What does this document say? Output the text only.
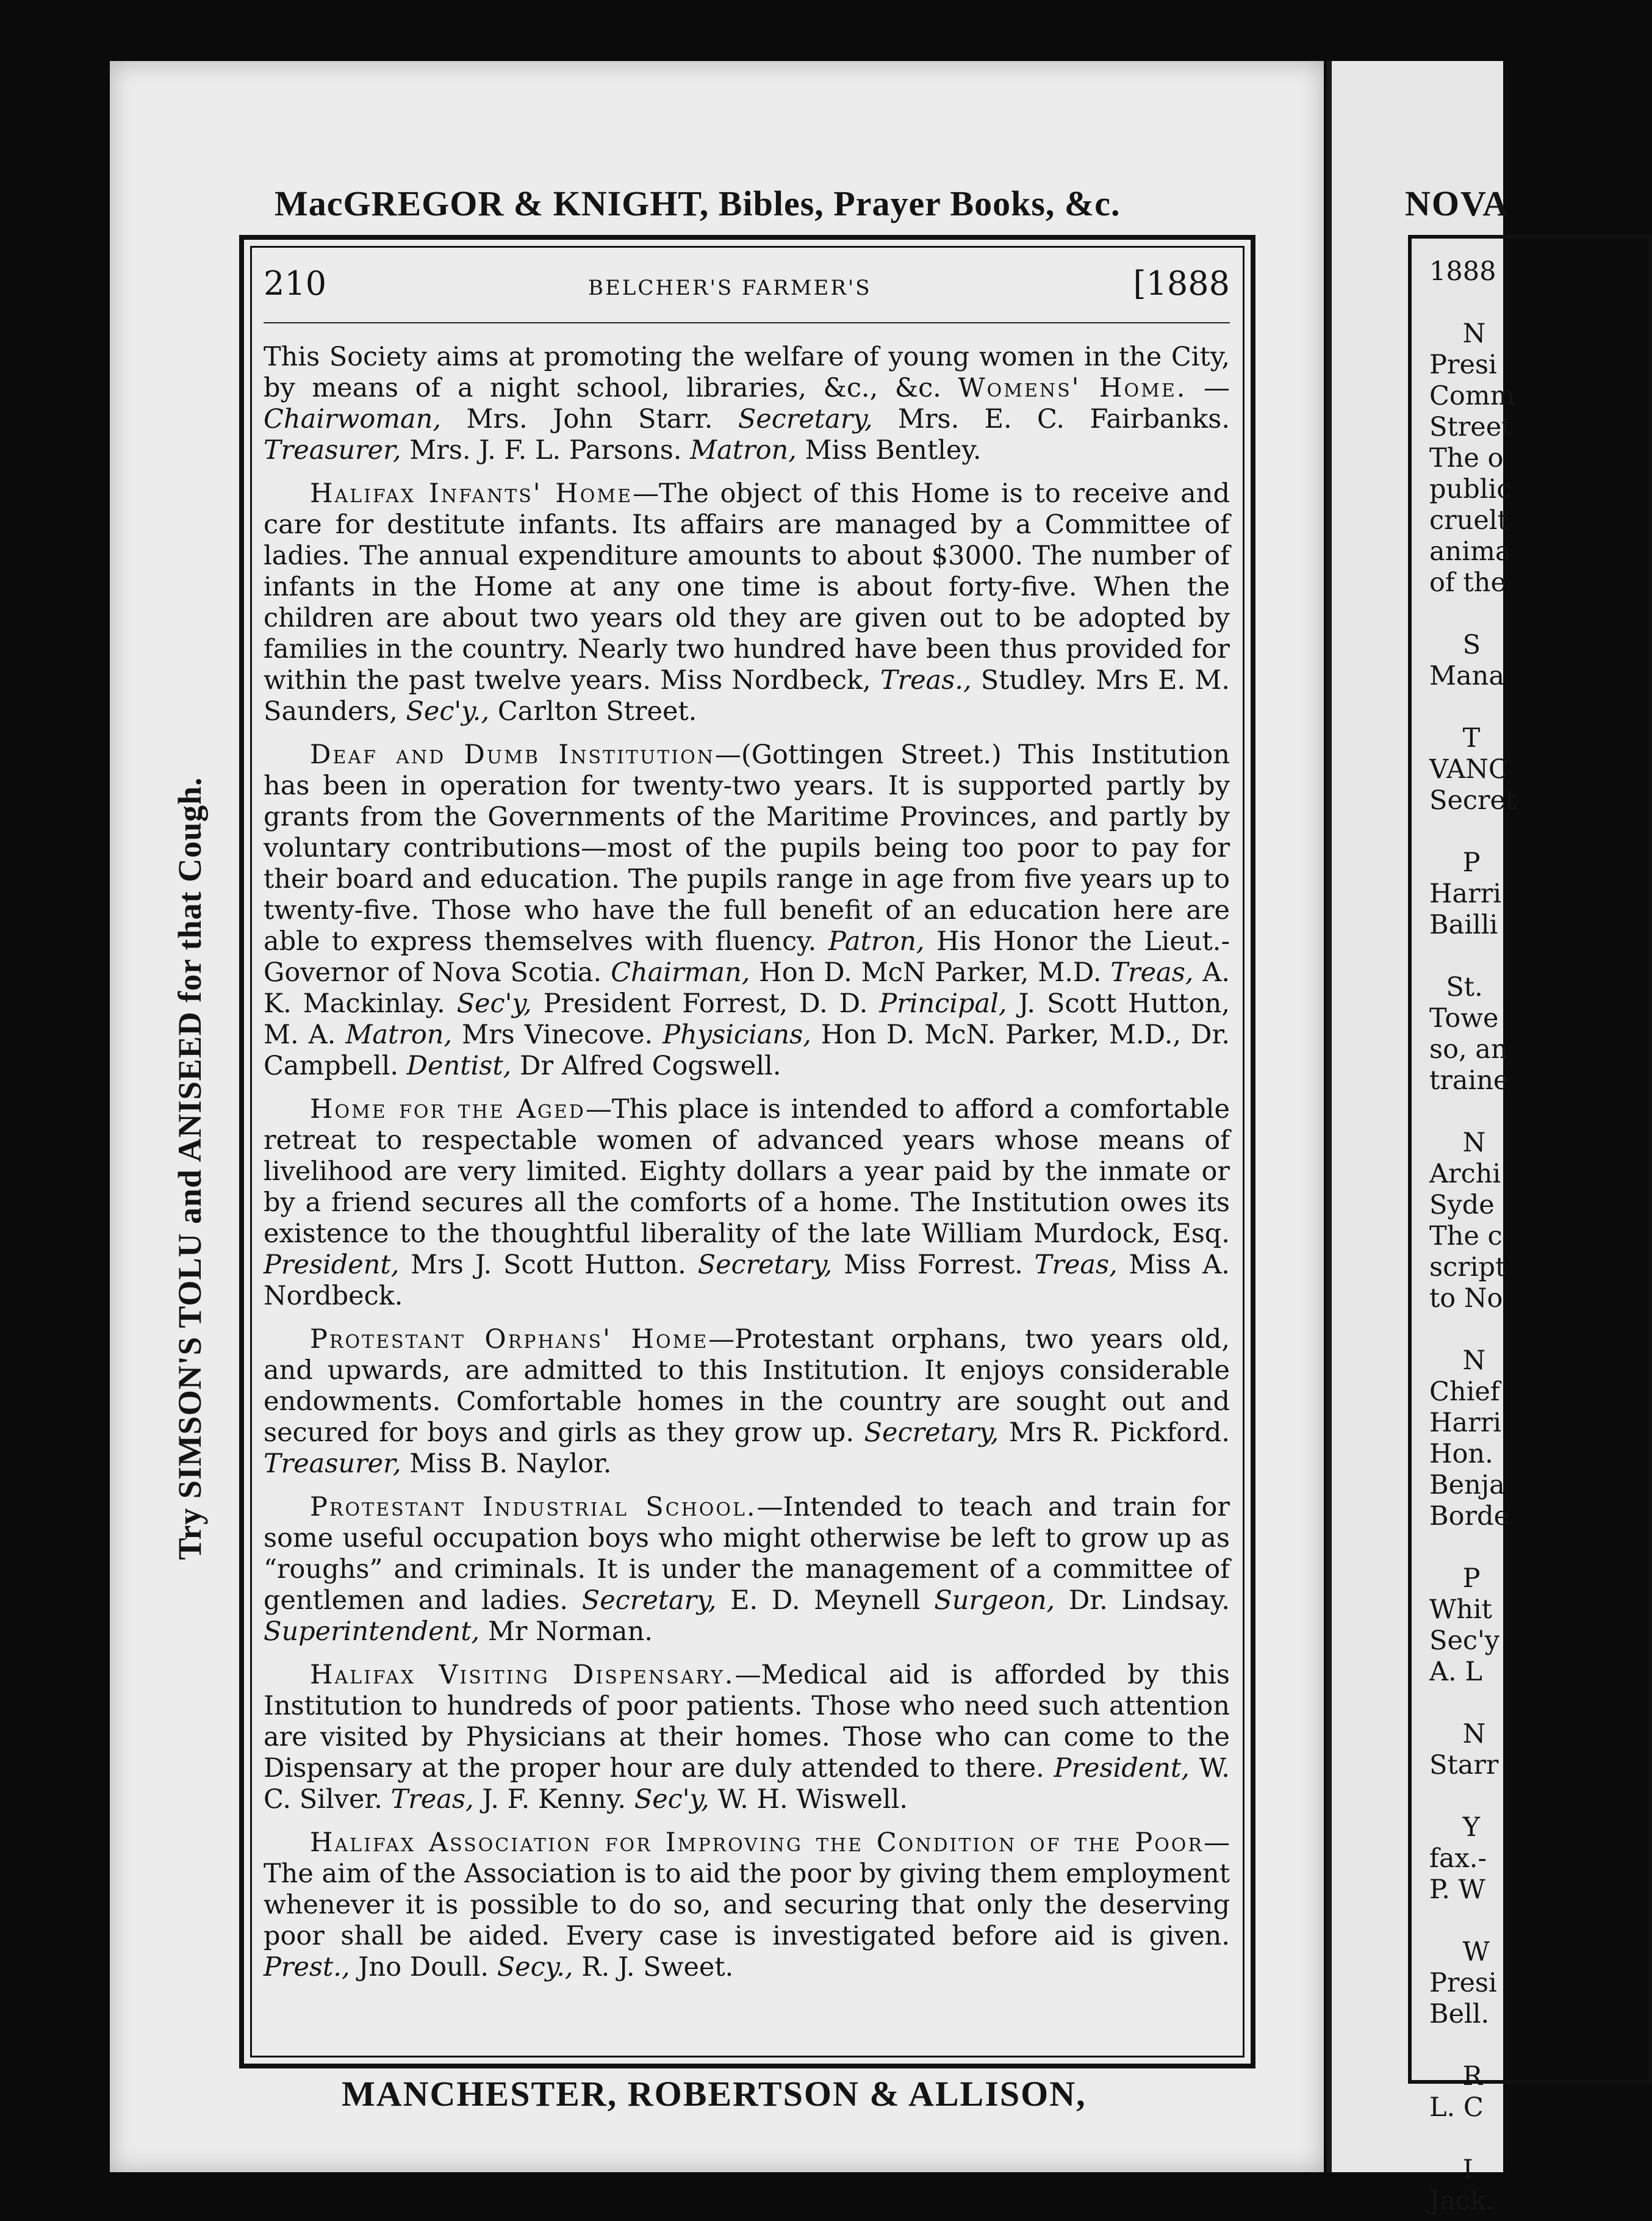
NOVA
1888

N
Presi
Comm
Street
The o
public
cruelt
anima
of the

S
Mana

T
VANC
Secret

P
Harri
Bailli

St.
Towe
so, an
traine

N
Archi
Syde
The c
script
to No

N
Chief
Harri
Hon.
Benja
Borde

P
Whit
Sec'y
A. L

N
Starr

Y
fax.-
P. W

W
Presi
Bell.

R
L. C

I
Jack.
MacGREGOR & KNIGHT, Bibles, Prayer Books, &c.
Try SIMSON'S TOLU and ANISEED for that Cough.
210	BELCHER'S FARMER'S	[1888

This Society aims at promoting the welfare of young women in the City, by means of a night school, libraries, &c., &c. Womens' Home. —Chairwoman, Mrs. John Starr. Secretary, Mrs. E. C. Fairbanks. Treasurer, Mrs. J. F. L. Parsons. Matron, Miss Bentley.

Halifax Infants' Home—The object of this Home is to receive and care for destitute infants. Its affairs are managed by a Committee of ladies. The annual expenditure amounts to about $3000. The number of infants in the Home at any one time is about forty-five. When the children are about two years old they are given out to be adopted by families in the country. Nearly two hundred have been thus provided for within the past twelve years. Miss Nordbeck, Treas., Studley. Mrs E. M. Saunders, Sec'y., Carlton Street.

Deaf and Dumb Institution—(Gottingen Street.) This Institution has been in operation for twenty-two years. It is supported partly by grants from the Governments of the Maritime Provinces, and partly by voluntary contributions—most of the pupils being too poor to pay for their board and education. The pupils range in age from five years up to twenty-five. Those who have the full benefit of an education here are able to express themselves with fluency. Patron, His Honor the Lieut.-Governor of Nova Scotia. Chairman, Hon D. McN Parker, M.D. Treas, A. K. Mackinlay. Sec'y, President Forrest, D. D. Principal, J. Scott Hutton, M. A. Matron, Mrs Vinecove. Physicians, Hon D. McN. Parker, M.D., Dr. Campbell. Dentist, Dr Alfred Cogswell.

Home for the Aged—This place is intended to afford a comfortable retreat to respectable women of advanced years whose means of livelihood are very limited. Eighty dollars a year paid by the inmate or by a friend secures all the comforts of a home. The Institution owes its existence to the thoughtful liberality of the late William Murdock, Esq. President, Mrs J. Scott Hutton. Secretary, Miss Forrest. Treas, Miss A. Nordbeck.

Protestant Orphans' Home—Protestant orphans, two years old, and upwards, are admitted to this Institution. It enjoys considerable endowments. Comfortable homes in the country are sought out and secured for boys and girls as they grow up. Secretary, Mrs R. Pickford. Treasurer, Miss B. Naylor.

Protestant Industrial School.—Intended to teach and train for some useful occupation boys who might otherwise be left to grow up as “roughs” and criminals. It is under the management of a committee of gentlemen and ladies. Secretary, E. D. Meynell Surgeon, Dr. Lindsay. Superintendent, Mr Norman.

Halifax Visiting Dispensary.—Medical aid is afforded by this Institution to hundreds of poor patients. Those who need such attention are visited by Physicians at their homes. Those who can come to the Dispensary at the proper hour are duly attended to there. President, W. C. Silver. Treas, J. F. Kenny. Sec'y, W. H. Wiswell.

Halifax Association for Improving the Condition of the Poor—The aim of the Association is to aid the poor by giving them employment whenever it is possible to do so, and securing that only the deserving poor shall be aided. Every case is investigated before aid is given. Prest., Jno Doull. Secy., R. J. Sweet.

MANCHESTER, ROBERTSON & ALLISON,
